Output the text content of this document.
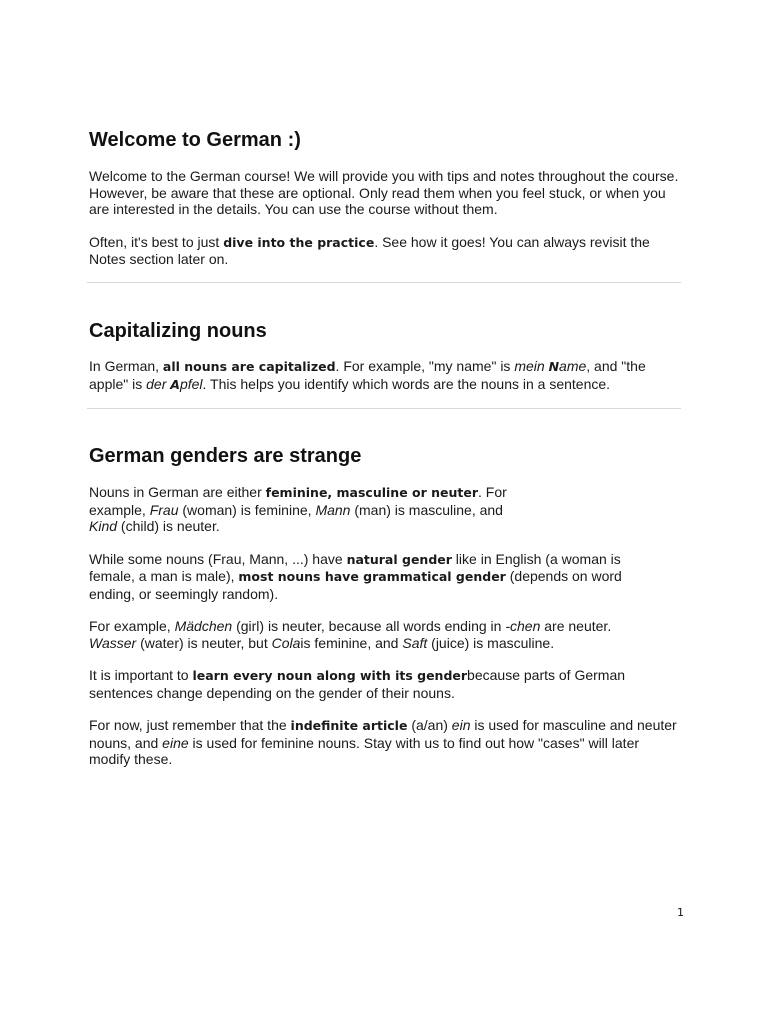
Welcome to German :)

Welcome to the German course! We will provide you with tips and notes throughout the course. However, be aware that these are optional. Only read them when you feel stuck, or when you are interested in the details. You can use the course without them.

Often, it's best to just dive into the practice. See how it goes! You can always revisit the Notes section later on.

Capitalizing nouns

In German, all nouns are capitalized. For example, "my name" is mein Name, and "the apple" is der Apfel. This helps you identify which words are the nouns in a sentence.

German genders are strange

Nouns in German are either feminine, masculine or neuter. For example, Frau (woman) is feminine, Mann (man) is masculine, and Kind (child) is neuter.

While some nouns (Frau, Mann, ...) have natural gender like in English (a woman is female, a man is male), most nouns have grammatical gender (depends on word ending, or seemingly random).

For example, Mädchen (girl) is neuter, because all words ending in -chen are neuter. Wasser (water) is neuter, but Colais feminine, and Saft (juice) is masculine.

It is important to learn every noun along with its genderbecause parts of German sentences change depending on the gender of their nouns.

For now, just remember that the indefinite article (a/an) ein is used for masculine and neuter nouns, and eine is used for feminine nouns. Stay with us to find out how "cases" will later modify these.

1
